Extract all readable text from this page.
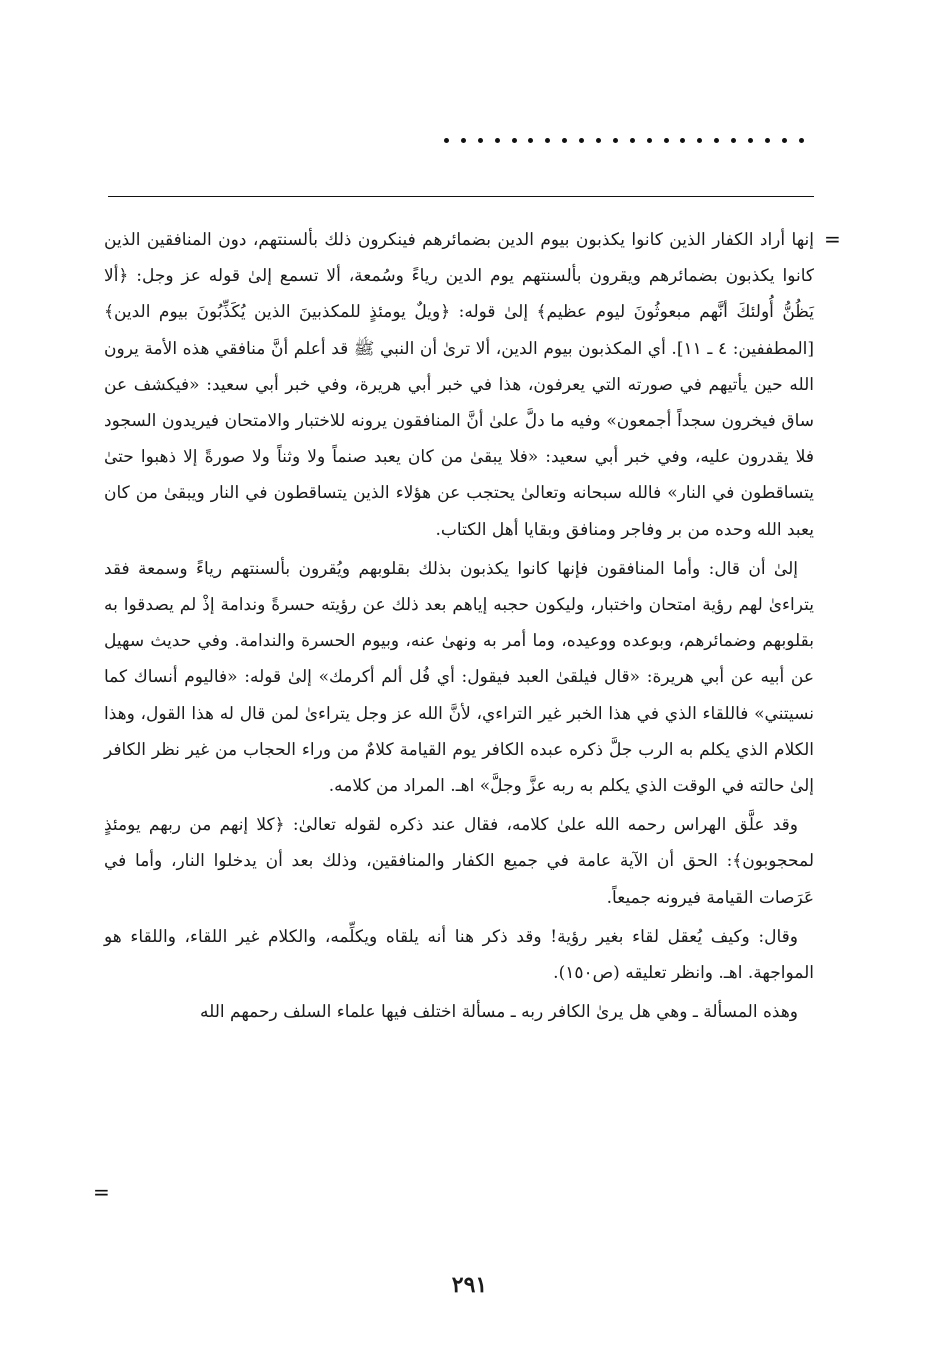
=

إنها أراد الكفار الذين كانوا يكذبون بيوم الدين بضمائرهم فينكرون ذلك بألسنتهم، دون المنافقين الذين كانوا يكذبون بضمائرهم ويقرون بألسنتهم يوم الدين رياءً وسُمعة، ألا تسمع إلىٰ قوله عز وجل: ﴿ألا يَظُنُّ أُولئكَ أنَّهم مبعوثُونَ ليوم عظيم﴾ إلىٰ قوله: ﴿ويلٌ يومئذٍ للمكذبينَ الذين يُكَذِّبُونَ بيوم الدين﴾ [المطففين: ٤ ـ ١١]. أي المكذبون بيوم الدين، ألا ترىٰ أن النبي ﷺ قد أعلم أنَّ منافقي هذه الأمة يرون الله حين يأتيهم في صورته التي يعرفون، هذا في خبر أبي هريرة، وفي خبر أبي سعيد: «فيكشف عن ساق فيخرون سجداً أجمعون» وفيه ما دلَّ علىٰ أنَّ المنافقون يرونه للاختبار والامتحان فيريدون السجود فلا يقدرون عليه، وفي خبر أبي سعيد: «فلا يبقىٰ من كان يعبد صنماً ولا وثناً ولا صورةً إلا ذهبوا حتىٰ يتساقطون في النار» فالله سبحانه وتعالىٰ يحتجب عن هؤلاء الذين يتساقطون في النار ويبقىٰ من كان يعبد الله وحده من بر وفاجر ومنافق وبقايا أهل الكتاب.

إلىٰ أن قال: وأما المنافقون فإنها كانوا يكذبون بذلك بقلوبهم ويُقرون بألسنتهم رياءً وسمعة فقد يتراءىٰ لهم رؤية امتحان واختبار، وليكون حجبه إياهم بعد ذلك عن رؤيته حسرةً وندامة إذْ لم يصدقوا به بقلوبهم وضمائرهم، وبوعده ووعيده، وما أمر به ونهىٰ عنه، وبيوم الحسرة والندامة. وفي حديث سهيل عن أبيه عن أبي هريرة: «قال فيلقىٰ العبد فيقول: أي فُل ألم أكرمك» إلىٰ قوله: «فاليوم أنساك كما نسيتني» فاللقاء الذي في هذا الخبر غير التراءي، لأنَّ الله عز وجل يتراءىٰ لمن قال له هذا القول، وهذا الكلام الذي يكلم به الرب جلَّ ذكره عبده الكافر يوم القيامة كلامٌ من وراء الحجاب من غير نظر الكافر إلىٰ حالته في الوقت الذي يكلم به ربه عزَّ وجلَّ» اهـ. المراد من كلامه.

وقد علَّق الهراس رحمه الله علىٰ كلامه، فقال عند ذكره لقوله تعالىٰ: ﴿كلا إنهم من ربهم يومئذٍ لمحجوبون﴾: الحق أن الآية عامة في جميع الكفار والمنافقين، وذلك بعد أن يدخلوا النار، وأما في عَرَصات القيامة فيرونه جميعاً.

وقال: وكيف يُعقل لقاء بغير رؤية! وقد ذكر هنا أنه يلقاه ويكلِّمه، والكلام غير اللقاء، واللقاء هو المواجهة. اهـ. وانظر تعليقه (ص١٥٠).

وهذه المسألة ـ وهي هل يرىٰ الكافر ربه ـ مسألة اختلف فيها علماء السلف رحمهم الله

=
٢٩١
